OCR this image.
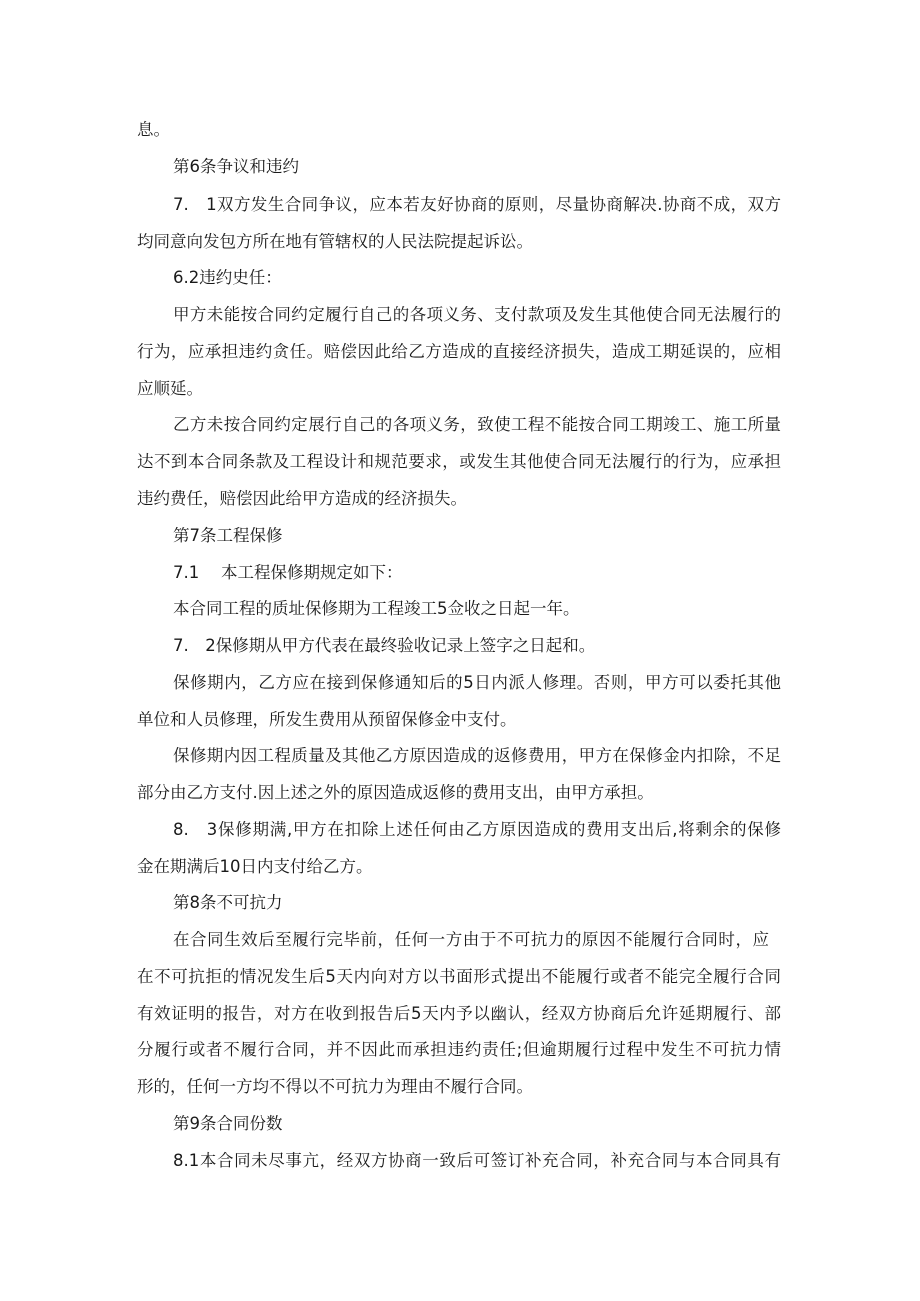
息。
第6条争议和违约
7.　1双方发生合同争议，应本若友好协商的原则，尽量协商解决.协商不成，双方
均同意向发包方所在地有管辖权的人民法院提起诉讼。
6.2违约史任：
甲方未能按合同约定履行自己的各项义务、支付款项及发生其他使合同无法履行的
行为，应承担违约贪任。赔偿因此给乙方造成的直接经济损失，造成工期延误的，应相
应顺延。
乙方未按合同约定展行自己的各项义务，致使工程不能按合同工期竣工、施工所量
达不到本合同条款及工程设计和规范要求，或发生其他使合同无法履行的行为，应承担
违约费任，赔偿因此给甲方造成的经济损失。
第7条工程保修
7.1　 本工程保修期规定如下：
本合同工程的质址保修期为工程竣工5佥收之日起一年。
7.　2保修期从甲方代表在最终验收记录上签字之日起和。
保修期内，乙方应在接到保修通知后的5日内派人修理。否则，甲方可以委托其他
单位和人员修理，所发生费用从预留保修金中支付。
保修期内因工程质量及其他乙方原因造成的返修费用，甲方在保修金内扣除，不足
部分由乙方支付.因上述之外的原因造成返修的费用支出，由甲方承担。
8.　3保修期满,甲方在扣除上述任何由乙方原因造成的费用支出后,将剩余的保修
金在期满后10日内支付给乙方。
第8条不可抗力
在合同生效后至履行完毕前，任何一方由于不可抗力的原因不能履行合同时，应
在不可抗拒的情况发生后5天内向对方以书面形式提出不能履行或者不能完全履行合同
有效证明的报告，对方在收到报告后5天内予以幽认，经双方协商后允许延期履行、部
分履行或者不履行合同，并不因此而承担违约责任;但逾期履行过程中发生不可抗力情
形的，任何一方均不得以不可抗力为理由不履行合同。
第9条合同份数
8.1本合同未尽事亢，经双方协商一致后可签订补充合同，补充合同与本合同具有
